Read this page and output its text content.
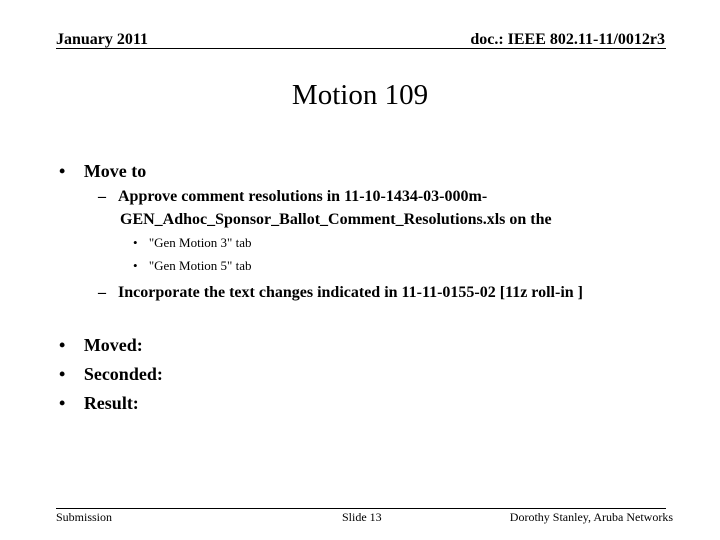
January 2011	doc.: IEEE 802.11-11/0012r3
Motion 109
• Move to
– Approve comment resolutions in 11-10-1434-03-000m-
GEN_Adhoc_Sponsor_Ballot_Comment_Resolutions.xls on the
• "Gen Motion 3" tab
• "Gen Motion 5" tab
– Incorporate the text changes indicated in 11-11-0155-02 [11z roll-in ]
• Moved:
• Seconded:
• Result:
Submission	Slide 13	Dorothy Stanley, Aruba Networks
